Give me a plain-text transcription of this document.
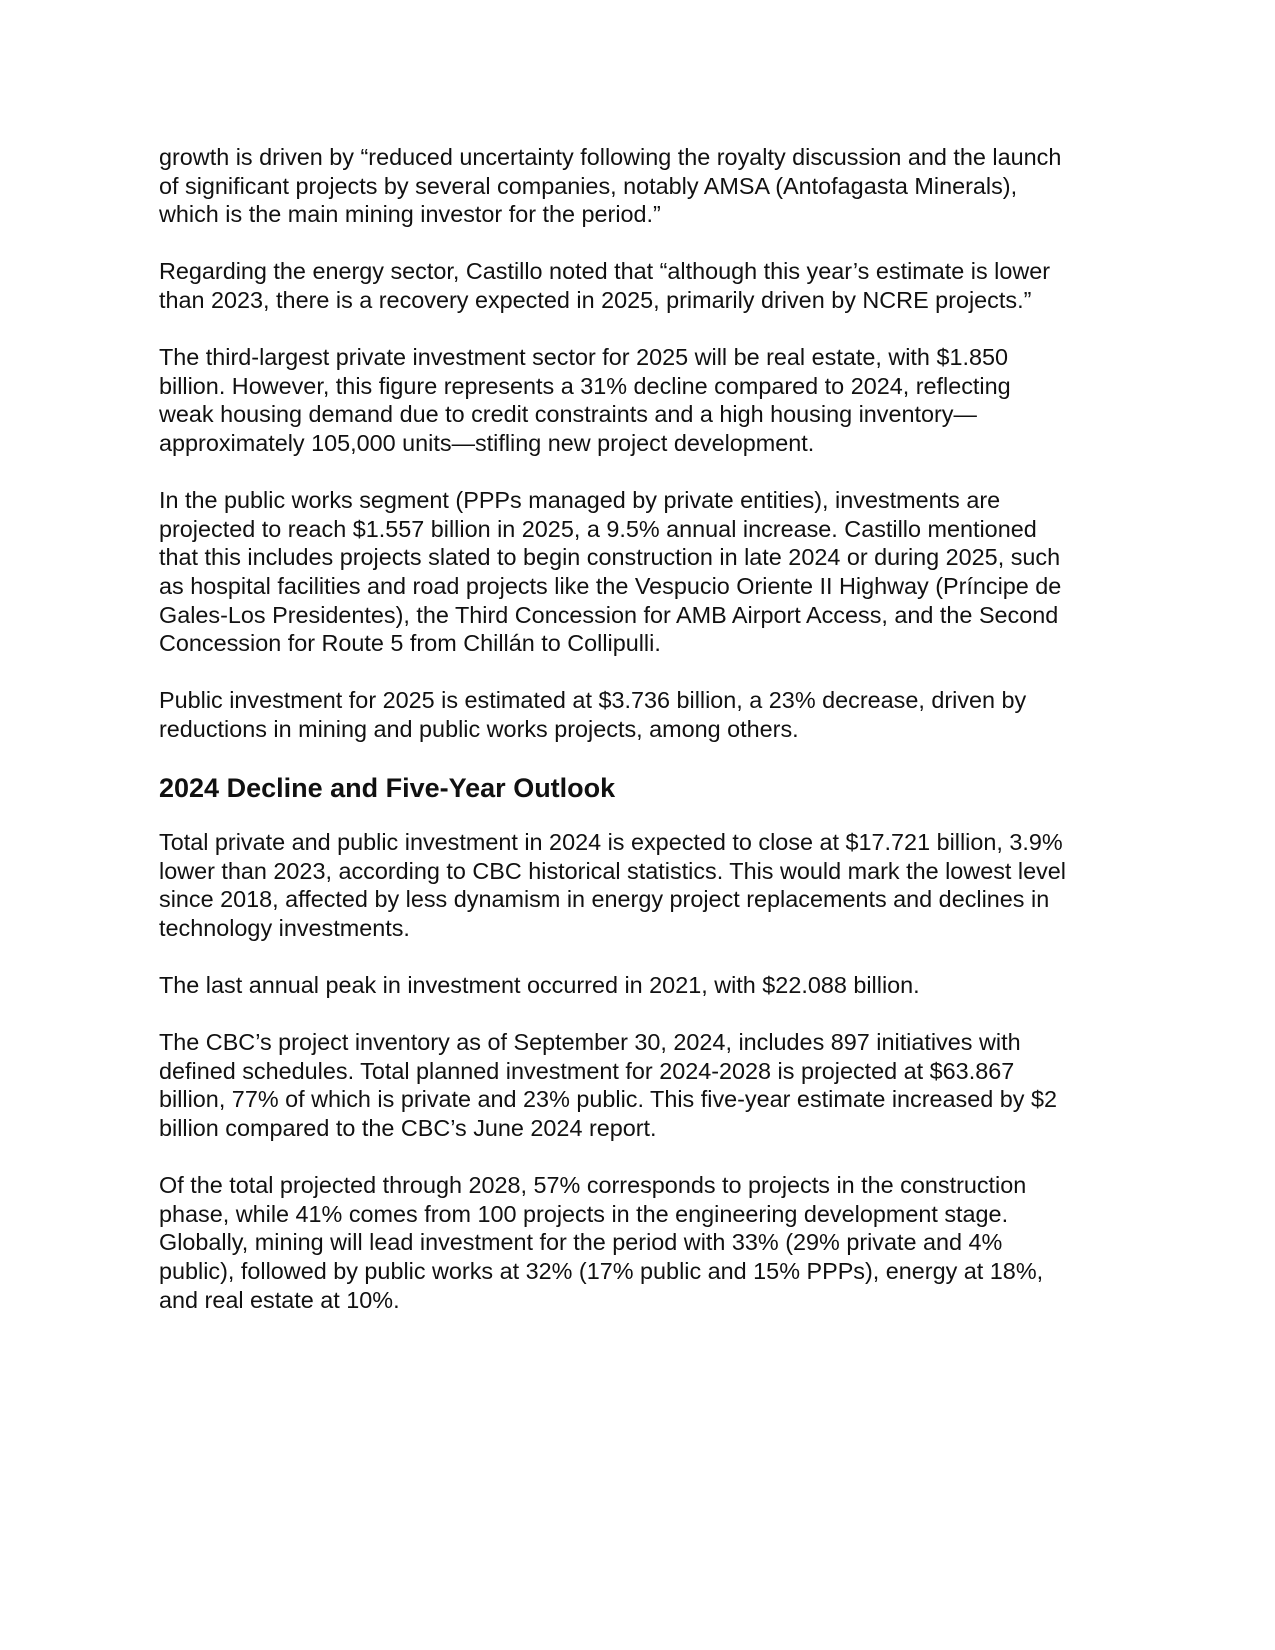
growth is driven by “reduced uncertainty following the royalty discussion and the launch
of significant projects by several companies, notably AMSA (Antofagasta Minerals),
which is the main mining investor for the period.”

Regarding the energy sector, Castillo noted that “although this year’s estimate is lower
than 2023, there is a recovery expected in 2025, primarily driven by NCRE projects.”

The third-largest private investment sector for 2025 will be real estate, with $1.850
billion. However, this figure represents a 31% decline compared to 2024, reflecting
weak housing demand due to credit constraints and a high housing inventory—
approximately 105,000 units—stifling new project development.

In the public works segment (PPPs managed by private entities), investments are
projected to reach $1.557 billion in 2025, a 9.5% annual increase. Castillo mentioned
that this includes projects slated to begin construction in late 2024 or during 2025, such
as hospital facilities and road projects like the Vespucio Oriente II Highway (Príncipe de
Gales-Los Presidentes), the Third Concession for AMB Airport Access, and the Second
Concession for Route 5 from Chillán to Collipulli.

Public investment for 2025 is estimated at $3.736 billion, a 23% decrease, driven by
reductions in mining and public works projects, among others.

2024 Decline and Five-Year Outlook

Total private and public investment in 2024 is expected to close at $17.721 billion, 3.9%
lower than 2023, according to CBC historical statistics. This would mark the lowest level
since 2018, affected by less dynamism in energy project replacements and declines in
technology investments.

The last annual peak in investment occurred in 2021, with $22.088 billion.

The CBC’s project inventory as of September 30, 2024, includes 897 initiatives with
defined schedules. Total planned investment for 2024-2028 is projected at $63.867
billion, 77% of which is private and 23% public. This five-year estimate increased by $2
billion compared to the CBC’s June 2024 report.

Of the total projected through 2028, 57% corresponds to projects in the construction
phase, while 41% comes from 100 projects in the engineering development stage.
Globally, mining will lead investment for the period with 33% (29% private and 4%
public), followed by public works at 32% (17% public and 15% PPPs), energy at 18%,
and real estate at 10%.
